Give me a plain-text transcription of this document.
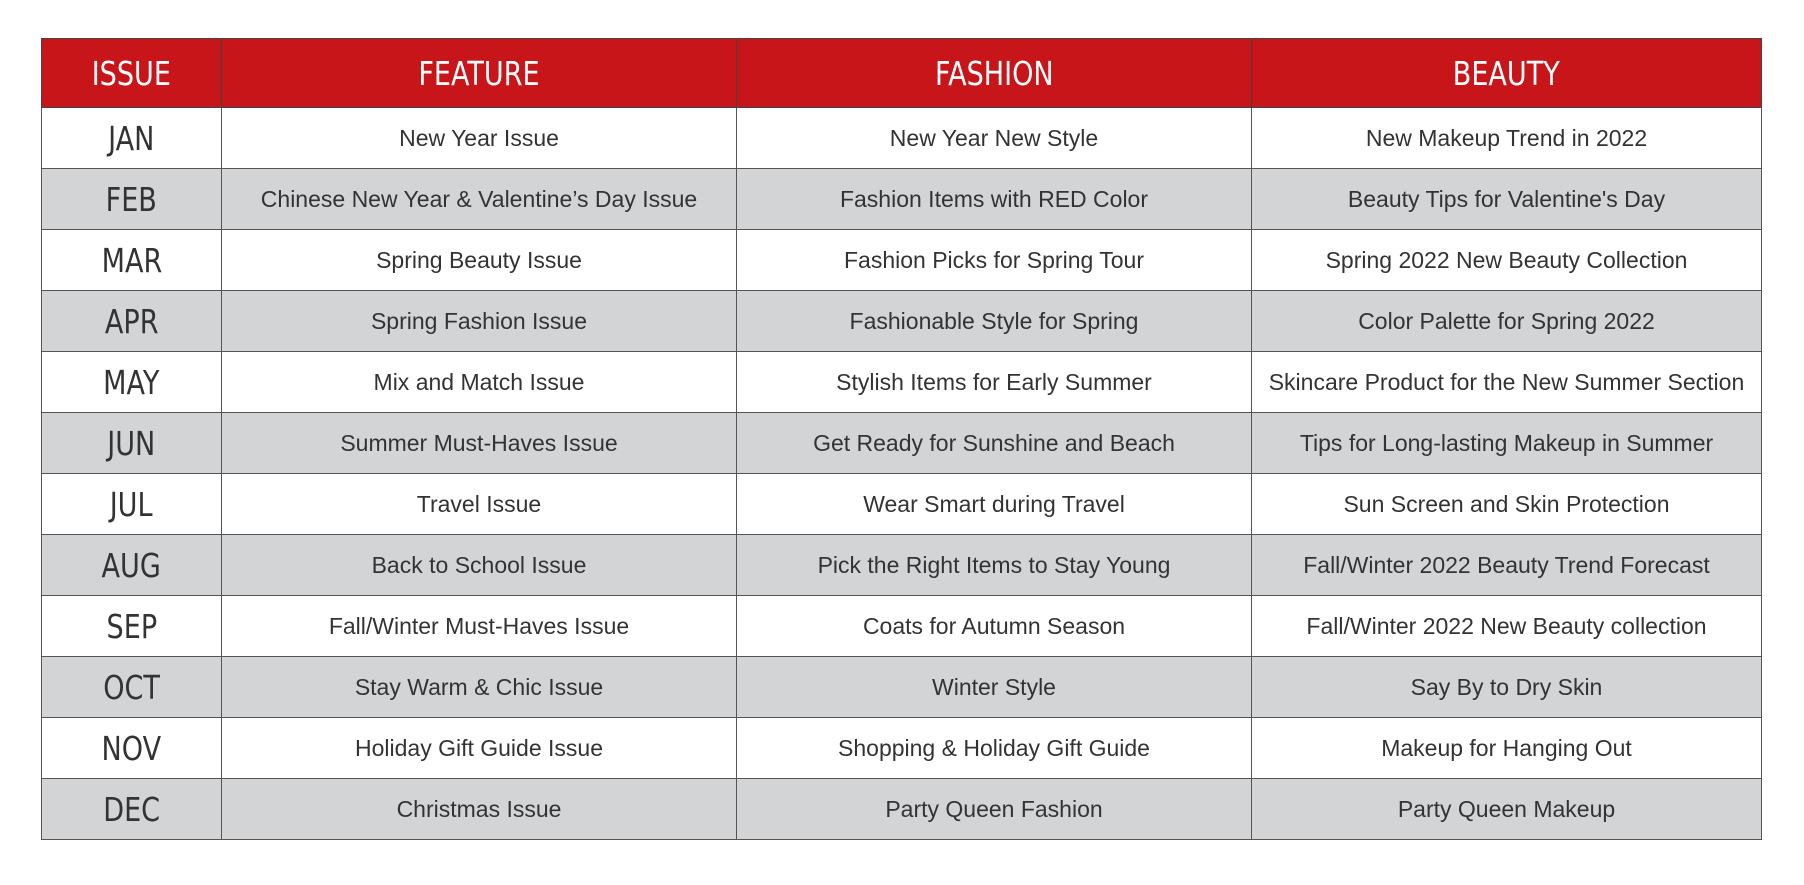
ISSUE	FEATURE	FASHION	BEAUTY
JAN	New Year Issue	New Year New Style	New Makeup Trend in 2022
FEB	Chinese New Year & Valentine’s Day Issue	Fashion Items with RED Color	Beauty Tips for Valentine's Day
MAR	Spring Beauty Issue	Fashion Picks for Spring Tour	Spring 2022 New Beauty Collection
APR	Spring Fashion Issue	Fashionable Style for Spring	Color Palette for Spring 2022
MAY	Mix and Match Issue	Stylish Items for Early Summer	Skincare Product for the New Summer Section
JUN	Summer Must-Haves Issue	Get Ready for Sunshine and Beach	Tips for Long-lasting Makeup in Summer
JUL	Travel Issue	Wear Smart during Travel	Sun Screen and Skin Protection
AUG	Back to School Issue	Pick the Right Items to Stay Young	Fall/Winter 2022 Beauty Trend Forecast
SEP	Fall/Winter Must-Haves Issue	Coats for Autumn Season	Fall/Winter 2022 New Beauty collection
OCT	Stay Warm & Chic Issue	Winter Style	Say By to Dry Skin
NOV	Holiday Gift Guide Issue	Shopping & Holiday Gift Guide	Makeup for Hanging Out
DEC	Christmas Issue	Party Queen Fashion	Party Queen Makeup
